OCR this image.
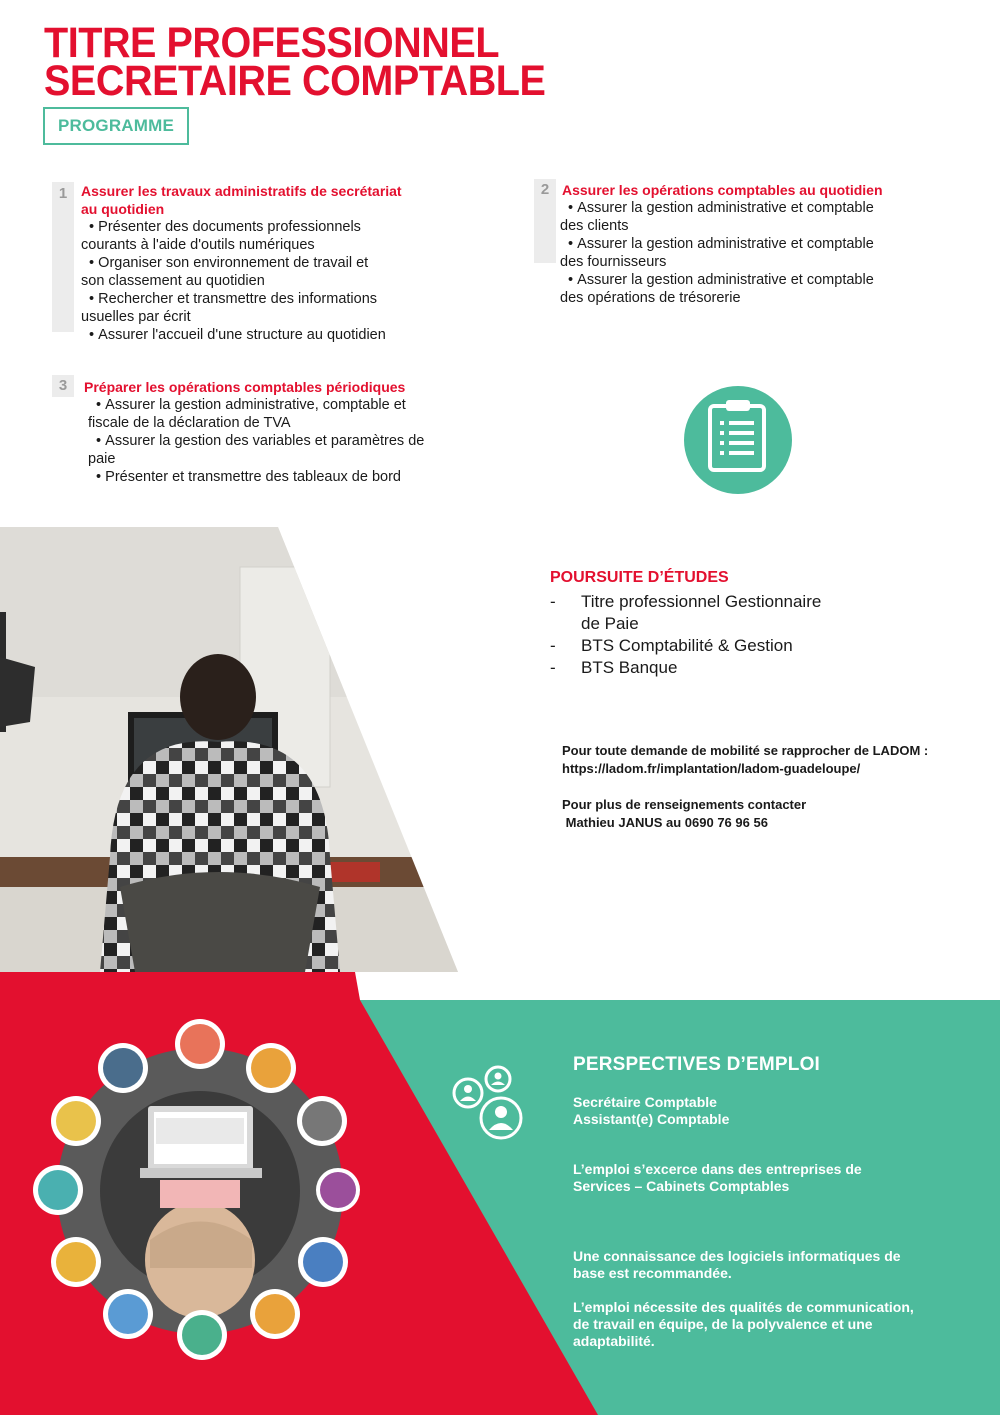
TITRE PROFESSIONNEL
SECRETAIRE COMPTABLE
PROGRAMME
1 Assurer les travaux administratifs de secrétariat
au quotidien
• Présenter des documents professionnels
courants à l'aide d'outils numériques
• Organiser son environnement de travail et
son classement au quotidien
• Rechercher et transmettre des informations
usuelles par écrit
• Assurer l'accueil d'une structure au quotidien
2 Assurer les opérations comptables au quotidien
• Assurer la gestion administrative et comptable
des clients
• Assurer la gestion administrative et comptable
des fournisseurs
• Assurer la gestion administrative et comptable
des opérations de trésorerie
3	Préparer les opérations comptables périodiques
• Assurer la gestion administrative, comptable et
fiscale de la déclaration de TVA
• Assurer la gestion des variables et paramètres de
paie
• Présenter et transmettre des tableaux de bord
POURSUITE D’ÉTUDES
- Titre professionnel Gestionnaire
de Paie
- BTS Comptabilité & Gestion
- BTS Banque
Pour toute demande de mobilité se rapprocher de LADOM :
https://ladom.fr/implantation/ladom-guadeloupe/
Pour plus de renseignements contacter
Mathieu JANUS au 0690 76 96 56
PERSPECTIVES D’EMPLOI
Secrétaire Comptable
Assistant(e) Comptable
L’emploi s’excerce dans des entreprises de
Services – Cabinets Comptables
Une connaissance des logiciels informatiques de
base est recommandée.
L’emploi nécessite des qualités de communication,
de travail en équipe, de la polyvalence et une
adaptabilité.
